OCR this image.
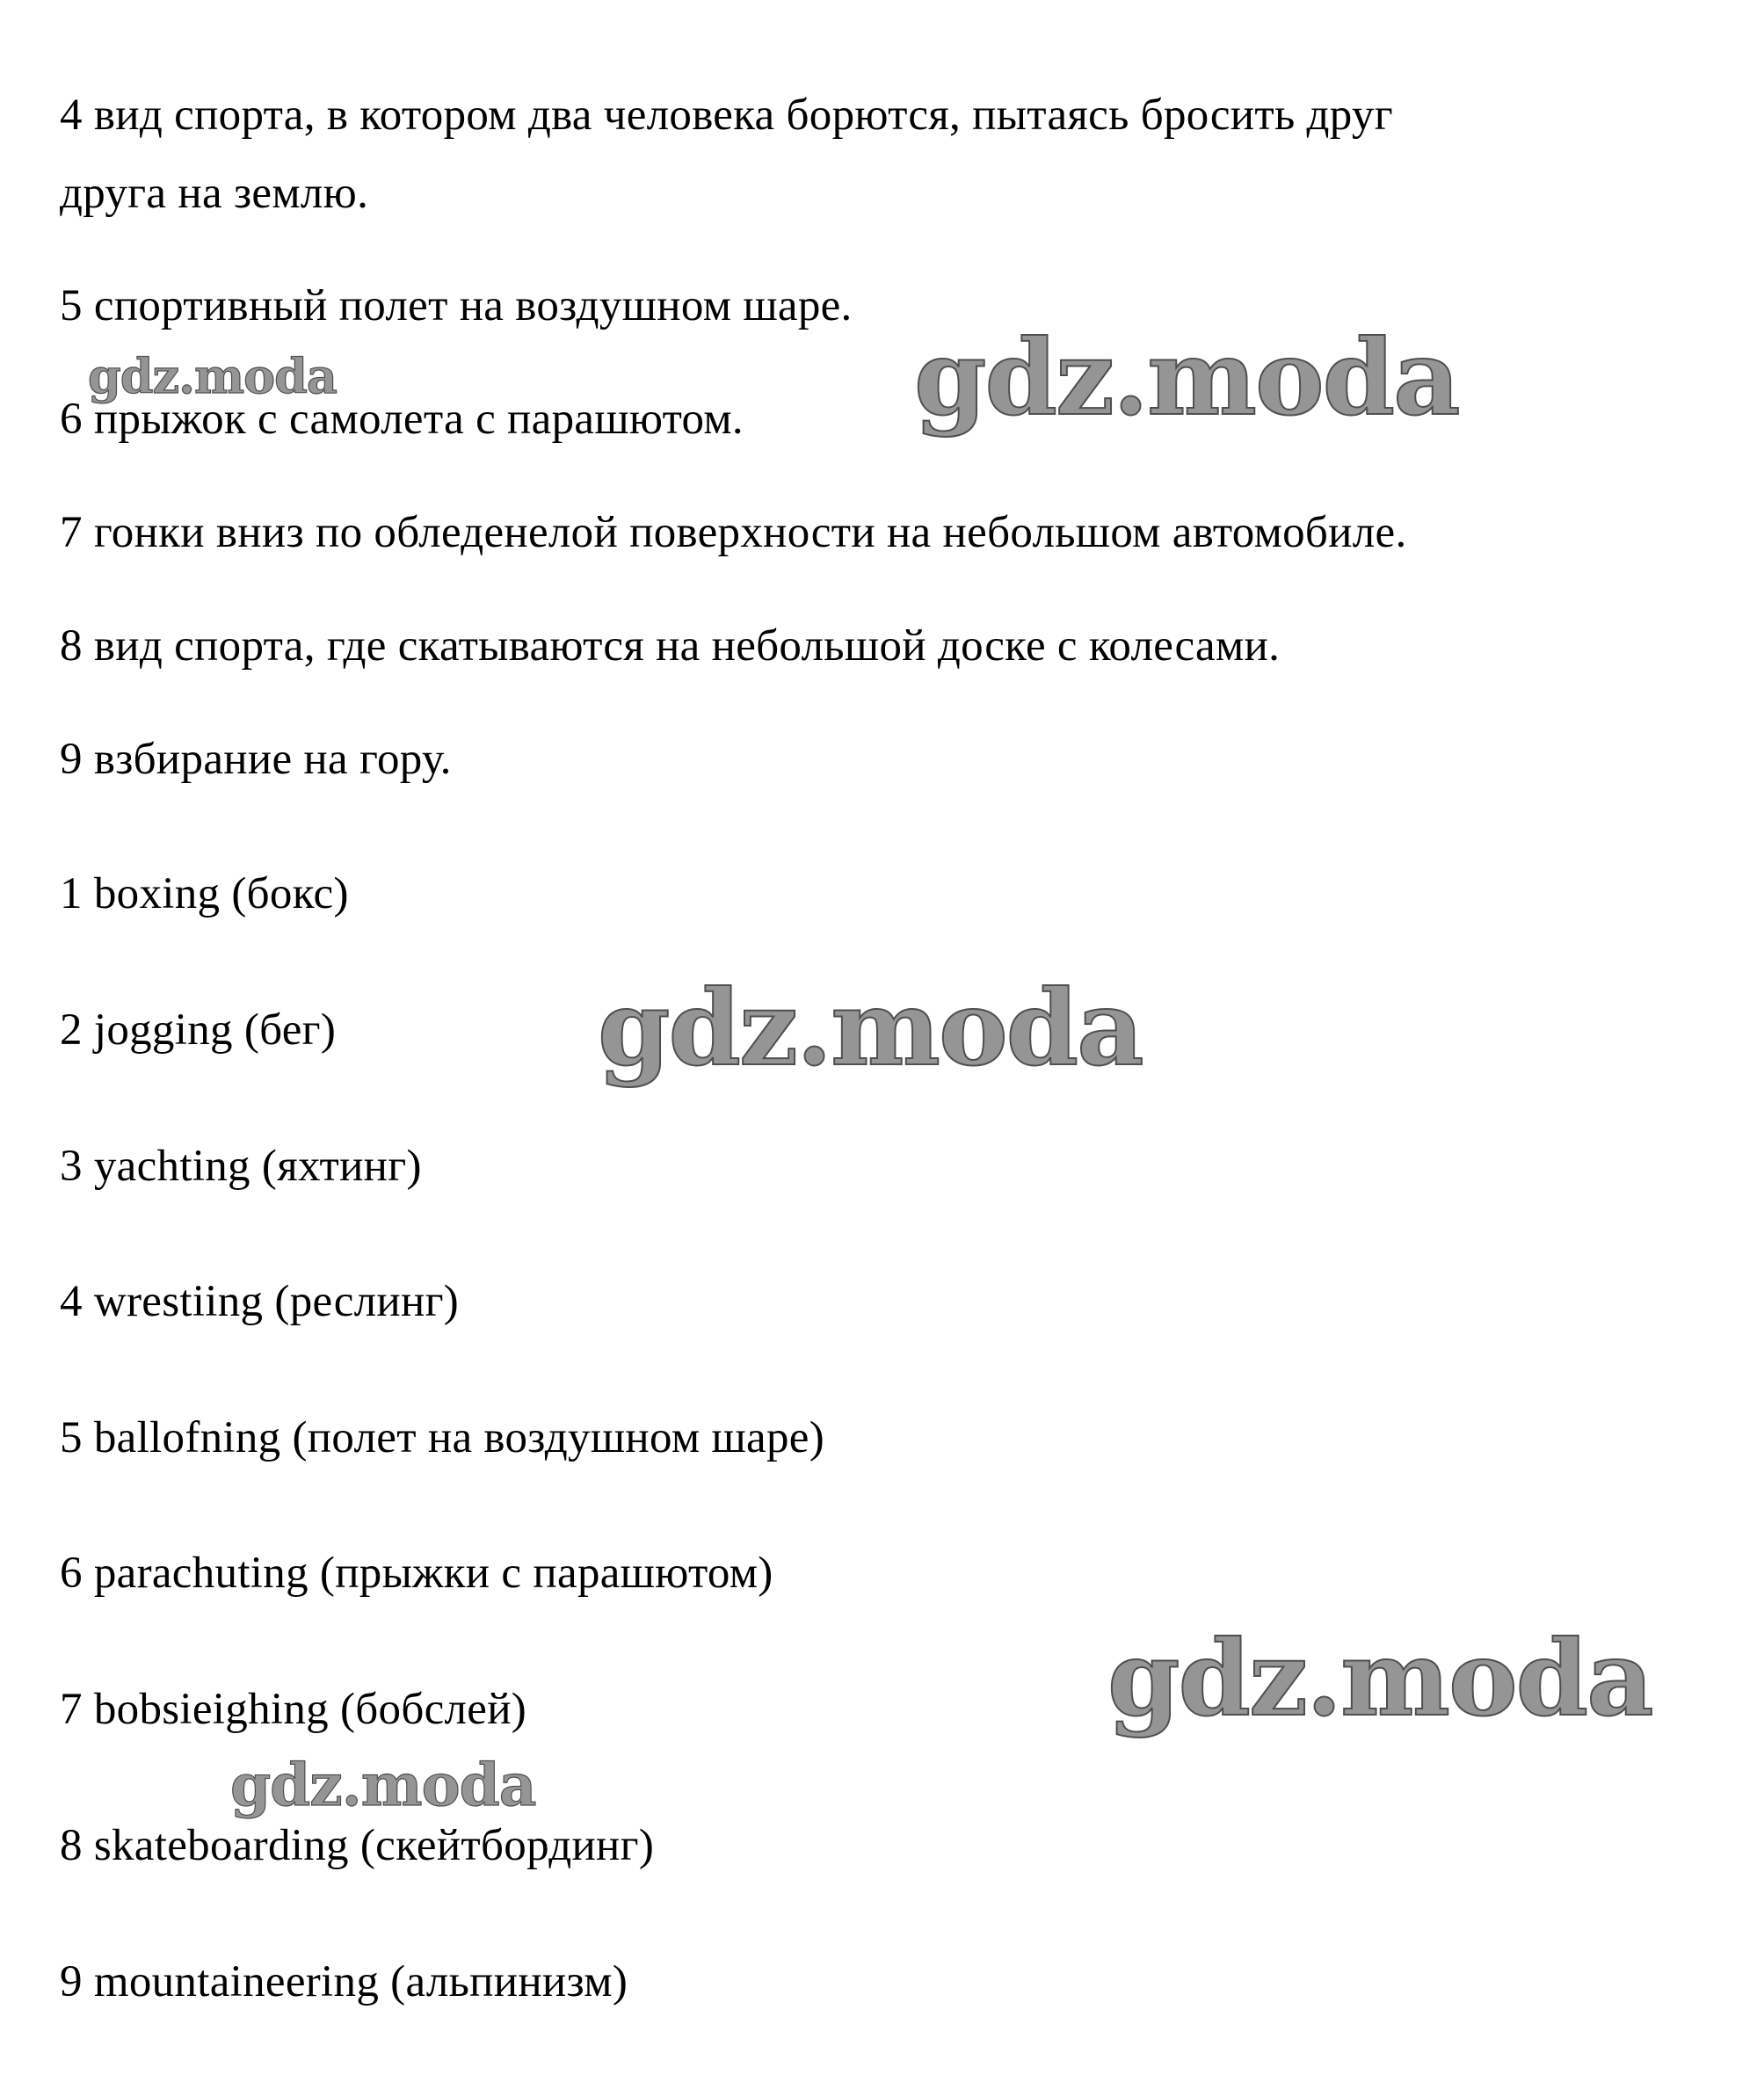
4 вид спорта, в котором два человека борются, пытаясь бросить друг
друга на землю.
5 спортивный полет на воздушном шаре.
6 прыжок с самолета с парашютом.
7 гонки вниз по обледенелой поверхности на небольшом автомобиле.
8 вид спорта, где скатываются на небольшой доске с колесами.
9 взбирание на гору.
1 boxing (бокс)
2 jogging (бег)
3 yachting (яхтинг)
4 wrestiing (реслинг)
5 ballofning (полет на воздушном шаре)
6 parachuting (прыжки с парашютом)
7 bobsieighing (бобслей)
8 skateboarding (скейтбординг)
9 mountaineering (альпинизм)
gdz.moda	gdz.moda
gdz.moda
gdz.moda
gdz.moda
